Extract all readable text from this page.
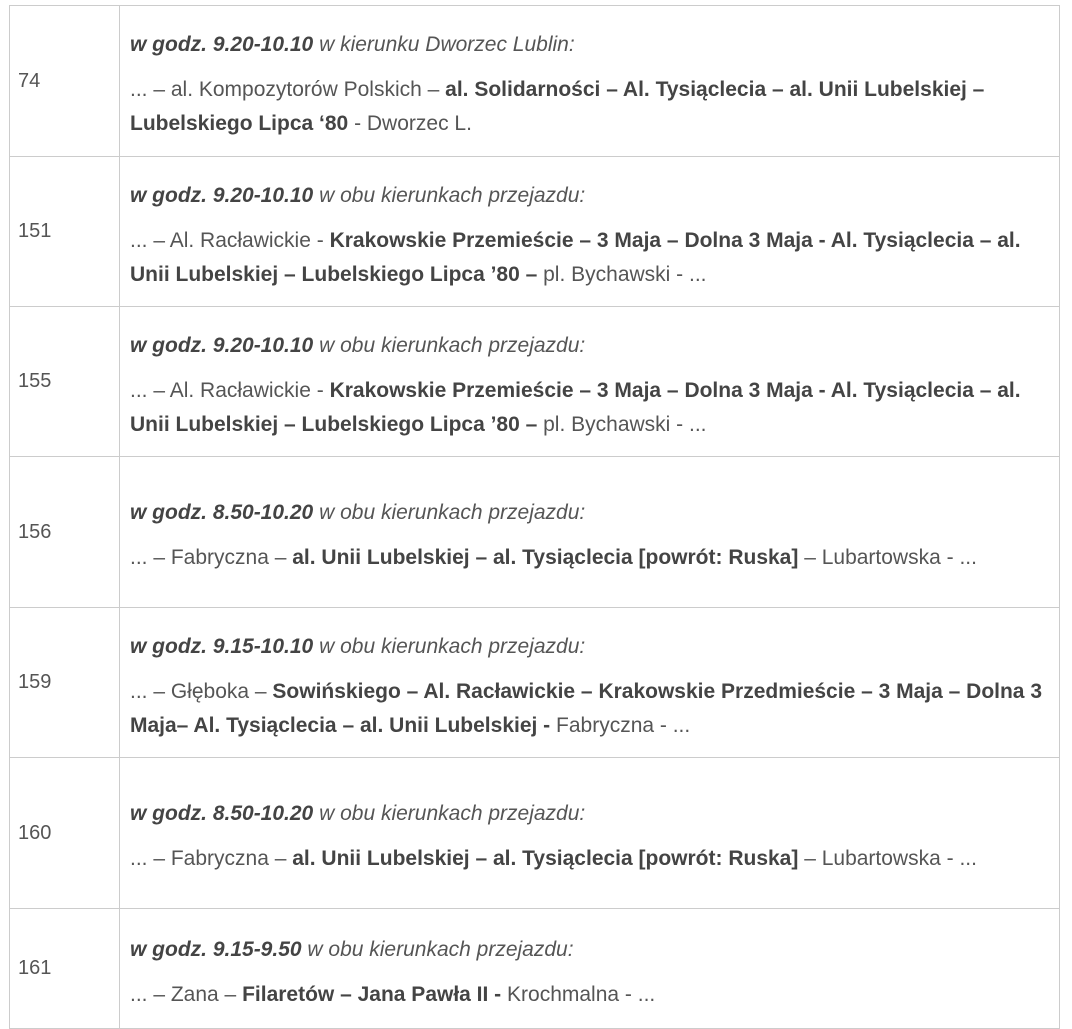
74	w godz. 9.20-10.10 w kierunku Dworzec Lublin:

... – al. Kompozytorów Polskich – al. Solidarności – Al. Tysiąclecia – al. Unii Lubelskiej – Lubelskiego Lipca ‘80 - Dworzec L.

151	w godz. 9.20-10.10 w obu kierunkach przejazdu:

... – Al. Racławickie - Krakowskie Przemieście – 3 Maja – Dolna 3 Maja - Al. Tysiąclecia – al. Unii Lubelskiej – Lubelskiego Lipca ’80 – pl. Bychawski - ...

155	w godz. 9.20-10.10 w obu kierunkach przejazdu:

... – Al. Racławickie - Krakowskie Przemieście – 3 Maja – Dolna 3 Maja - Al. Tysiąclecia – al. Unii Lubelskiej – Lubelskiego Lipca ’80 – pl. Bychawski - ...

156	w godz. 8.50-10.20 w obu kierunkach przejazdu:

... – Fabryczna – al. Unii Lubelskiej – al. Tysiąclecia [powrót: Ruska] – Lubartowska - ...

159	w godz. 9.15-10.10 w obu kierunkach przejazdu:

... – Głęboka – Sowińskiego – Al. Racławickie – Krakowskie Przedmieście – 3 Maja – Dolna 3 Maja– Al. Tysiąclecia – al. Unii Lubelskiej - Fabryczna - ...

160	w godz. 8.50-10.20 w obu kierunkach przejazdu:

... – Fabryczna – al. Unii Lubelskiej – al. Tysiąclecia [powrót: Ruska] – Lubartowska - ...

161	w godz. 9.15-9.50 w obu kierunkach przejazdu:

... – Zana – Filaretów – Jana Pawła II - Krochmalna - ...
